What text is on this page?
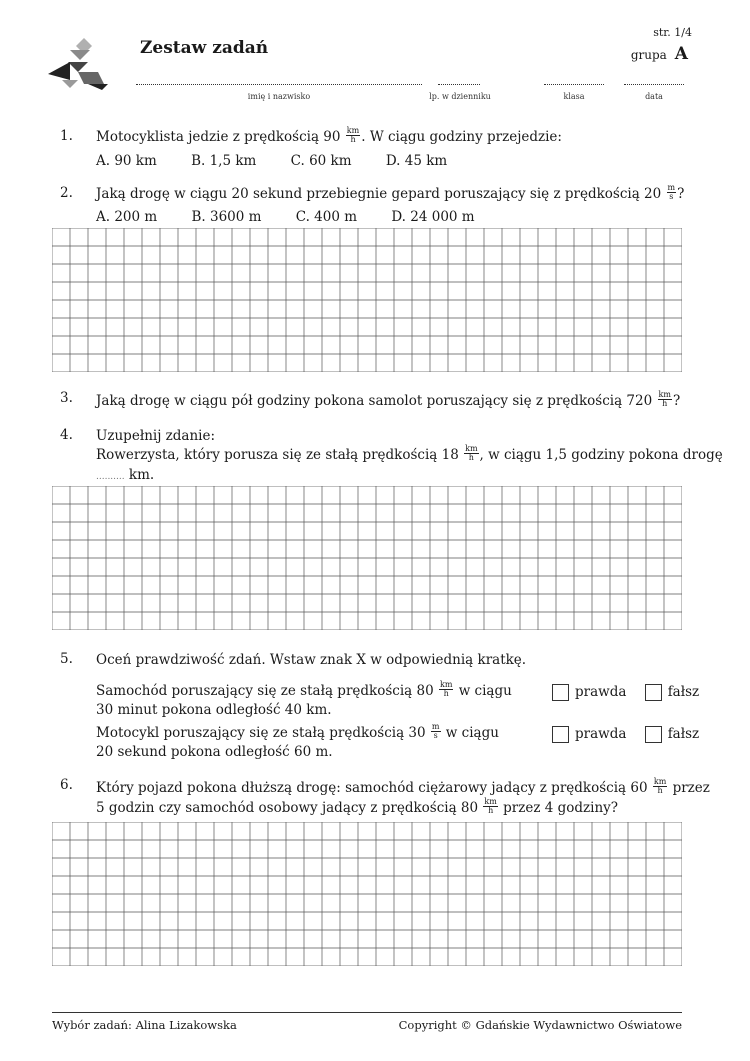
Zestaw zadań
str. 1/4
grupa A
imię i nazwisko	lp. w dzienniku	klasa	data
1. Motocyklista jedzie z prędkością $90 \frac{km}{h}$ . W ciągu godziny przejedzie:
A. 90 km	B. 1,5 km	C. 60 km	D. 45 km
2. Jaką drogę w ciągu 20 sekund przebiegnie gepard poruszający się z prędkością $20 \frac{m}{s}$ ?
A. 200 m	B. 3600 m	C. 400 m	D. 24 000 m
3. Jaką drogę w ciągu pół godziny pokona samolot poruszający się z prędkością $720 \frac{km}{h}$ ?
4. Uzupełnij zdanie:
Rowerzysta, który porusza się ze stałą prędkością $18 \frac{km}{h}$ , w ciągu 1,5 godziny pokona drogę
.......... km.
5. Oceń prawdziwość zdań. Wstaw znak X w odpowiednią kratkę.
Samochód poruszający się ze stałą prędkością $80 \frac{km}{h}$ w ciągu
30 minut pokona odległość 40 km.
prawda	fałsz
Motocykl poruszający się ze stałą prędkością $30 \frac{m}{s}$ w ciągu
20 sekund pokona odległość 60 m.
prawda	fałsz
6. Który pojazd pokona dłuższą drogę: samochód ciężarowy jadący z prędkością $60 \frac{km}{h}$ przez
5 godzin czy samochód osobowy jadący z prędkością $80 \frac{km}{h}$ przez 4 godziny?
Wybór zadań: Alina Lizakowska	Copyright © Gdańskie Wydawnictwo Oświatowe
